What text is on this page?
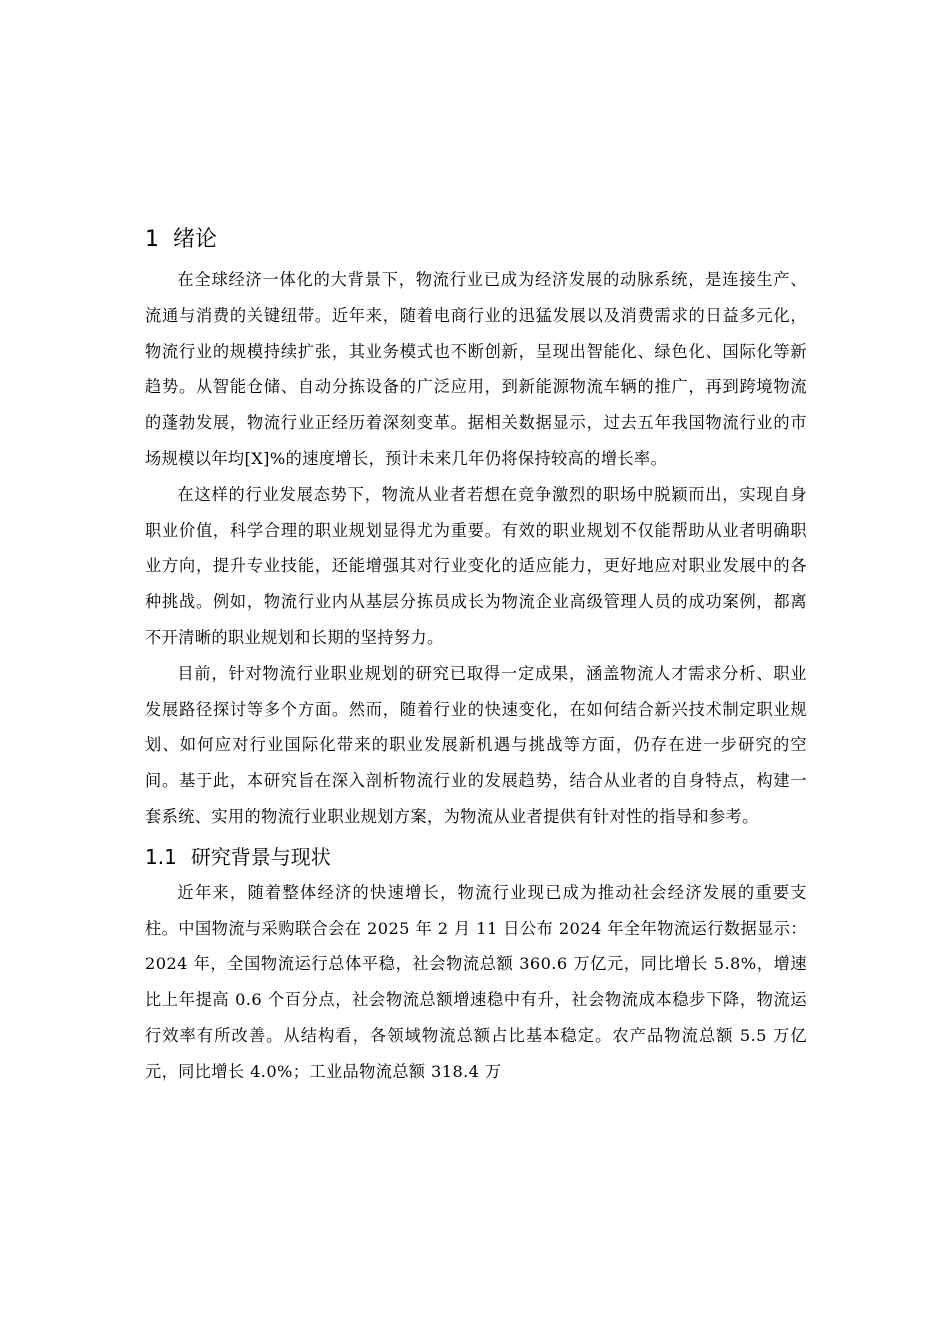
1 绪论

在全球经济一体化的大背景下，物流行业已成为经济发展的动脉系统，是连接生产、流通与消费的关键纽带。近年来，随着电商行业的迅猛发展以及消费需求的日益多元化，物流行业的规模持续扩张，其业务模式也不断创新，呈现出智能化、绿色化、国际化等新趋势。从智能仓储、自动分拣设备的广泛应用，到新能源物流车辆的推广，再到跨境物流的蓬勃发展，物流行业正经历着深刻变革。据相关数据显示，过去五年我国物流行业的市场规模以年均[X]%的速度增长，预计未来几年仍将保持较高的增长率。

在这样的行业发展态势下，物流从业者若想在竞争激烈的职场中脱颖而出，实现自身职业价值，科学合理的职业规划显得尤为重要。有效的职业规划不仅能帮助从业者明确职业方向，提升专业技能，还能增强其对行业变化的适应能力，更好地应对职业发展中的各种挑战。例如，物流行业内从基层分拣员成长为物流企业高级管理人员的成功案例，都离不开清晰的职业规划和长期的坚持努力。

目前，针对物流行业职业规划的研究已取得一定成果，涵盖物流人才需求分析、职业发展路径探讨等多个方面。然而，随着行业的快速变化，在如何结合新兴技术制定职业规划、如何应对行业国际化带来的职业发展新机遇与挑战等方面，仍存在进一步研究的空间。基于此，本研究旨在深入剖析物流行业的发展趋势，结合从业者的自身特点，构建一套系统、实用的物流行业职业规划方案，为物流从业者提供有针对性的指导和参考。

1.1 研究背景与现状

近年来，随着整体经济的快速增长，物流行业现已成为推动社会经济发展的重要支柱。中国物流与采购联合会在 2025 年 2 月 11 日公布 2024 年全年物流运行数据显示：2024 年，全国物流运行总体平稳，社会物流总额 360.6 万亿元，同比增长 5.8%，增速比上年提高 0.6 个百分点，社会物流总额增速稳中有升，社会物流成本稳步下降，物流运行效率有所改善。从结构看，各领域物流总额占比基本稳定。农产品物流总额 5.5 万亿元，同比增长 4.0%；工业品物流总额 318.4 万
